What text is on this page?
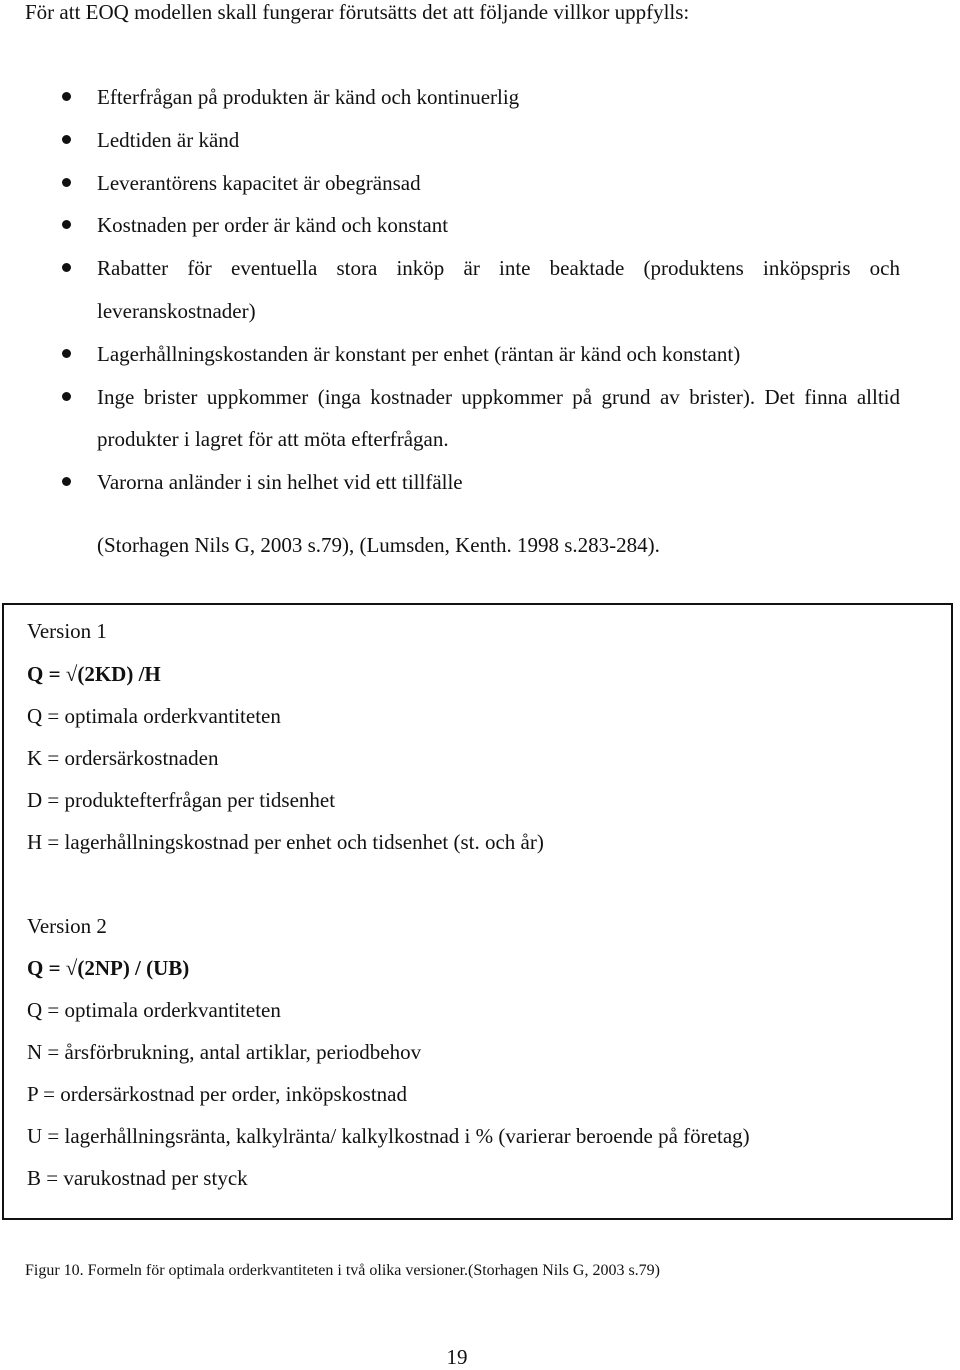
För att EOQ modellen skall fungerar förutsätts det att följande villkor uppfylls:

Efterfrågan på produkten är känd och kontinuerlig
Ledtiden är känd
Leverantörens kapacitet är obegränsad
Kostnaden per order är känd och konstant
Rabatter för eventuella stora inköp är inte beaktade (produktens inköpspris och leveranskostnader)
Lagerhållningskostanden är konstant per enhet (räntan är känd och konstant)
Inge brister uppkommer (inga kostnader uppkommer på grund av brister). Det finna alltid produkter i lagret för att möta efterfrågan.
Varorna anländer i sin helhet vid ett tillfälle

(Storhagen Nils G, 2003 s.79), (Lumsden, Kenth. 1998 s.283-284).

Version 1

Q = √(2KD) /H

Q = optimala orderkvantiteten

K = ordersärkostnaden

D = produktefterfrågan per tidsenhet

H = lagerhållningskostnad per enhet och tidsenhet (st. och år)

Version 2

Q = √(2NP) / (UB)

Q = optimala orderkvantiteten

N = årsförbrukning, antal artiklar, periodbehov

P = ordersärkostnad per order, inköpskostnad

U = lagerhållningsränta, kalkylränta/ kalkylkostnad i % (varierar beroende på företag)

B = varukostnad per styck

Figur 10. Formeln för optimala orderkvantiteten i två olika versioner.(Storhagen Nils G, 2003 s.79)

19
